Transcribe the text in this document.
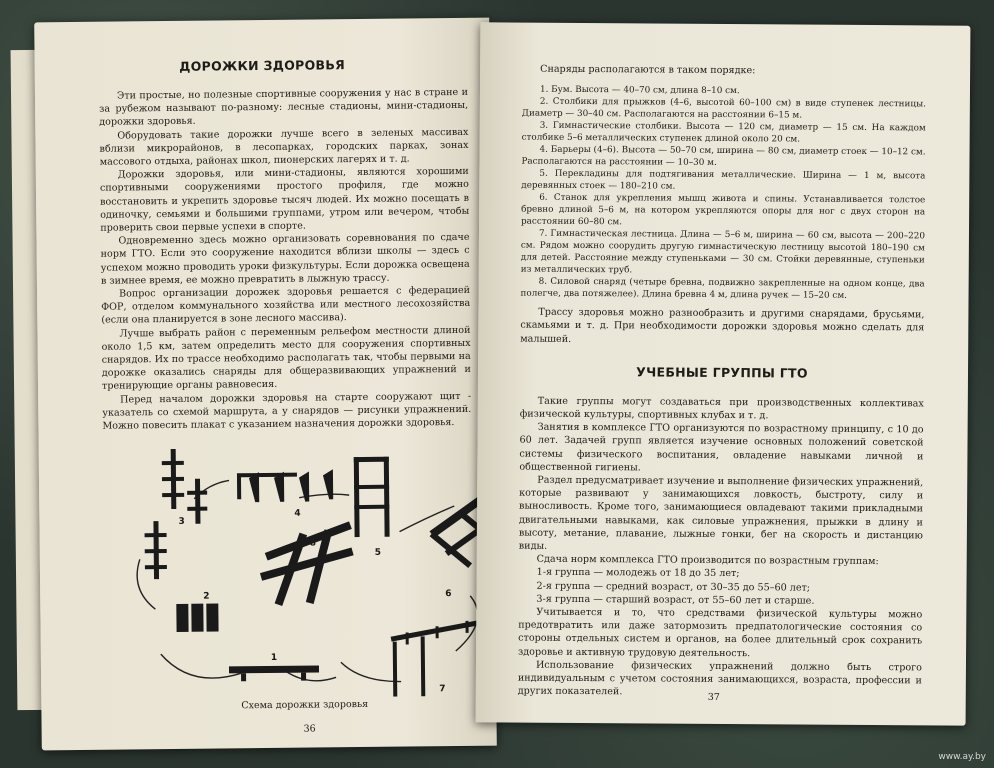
ДОРОЖКИ ЗДОРОВЬЯ

Эти простые, но полезные спортивные сооружения у нас в стране и за рубежом называют по-разному: лесные стадионы, мини-стадионы, дорожки здоровья.

Оборудовать такие дорожки лучше всего в зеленых массивах вблизи микрорайонов, в лесопарках, городских парках, зонах массового отдыха, районах школ, пионерских лагерях и т. д.

Дорожки здоровья, или мини-стадионы, являются хорошими спортивными сооружениями простого профиля, где можно восстановить и укрепить здоровье тысяч людей. Их можно посещать в одиночку, семьями и большими группами, утром или вечером, чтобы проверить свои первые успехи в спорте.

Одновременно здесь можно организовать соревнования по сдаче норм ГТО. Если это сооружение находится вблизи школы — здесь с успехом можно проводить уроки физкультуры. Если дорожка освещена в зимнее время, ее можно превратить в лыжную трассу.

Вопрос организации дорожек здоровья решается с федерацией ФОР, отделом коммунального хозяйства или местного лесохозяйства (если она планируется в зоне лесного массива).

Лучше выбрать район с переменным рельефом местности длиной около 1,5 км, затем определить место для сооружения спортивных снарядов. Их по трассе необходимо располагать так, чтобы первыми на дорожке оказались снаряды для общеразвивающих упражнений и тренирующие органы равновесия.

Перед началом дорожки здоровья на старте сооружают щит - указатель со схемой маршрута, а у снарядов — рисунки упражнений. Можно повесить плакат с указанием назначения дорожки здоровья.

1
2
3
4
5
6
7
8
Схема дорожки здоровья
36

Снаряды располагаются в таком порядке:

1. Бум. Высота — 40–70 см, длина 8–10 см.

2. Столбики для прыжков (4–6, высотой 60–100 см) в виде ступенек лестницы. Диаметр — 30–40 см. Располагаются на расстоянии 6–15 м.

3. Гимнастические столбики. Высота — 120 см, диаметр — 15 см. На каждом столбике 5–6 металлических ступенек длиной около 20 см.

4. Барьеры (4–6). Высота — 50–70 см, ширина — 80 см, диаметр стоек — 10–12 см. Располагаются на расстоянии — 10–30 м.

5. Перекладины для подтягивания металлические. Ширина — 1 м, высота деревянных стоек — 180–210 см.

6. Станок для укрепления мышц живота и спины. Устанавливается толстое бревно длиной 5–6 м, на котором укрепляются опоры для ног с двух сторон на расстоянии 60–80 см.

7. Гимнастическая лестница. Длина — 5–6 м, ширина — 60 см, высота — 200–220 см. Рядом можно соорудить другую гимнастическую лестницу высотой 180–190 см для детей. Расстояние между ступеньками — 30 см. Стойки деревянные, ступеньки из металлических труб.

8. Силовой снаряд (четыре бревна, подвижно закрепленные на одном конце, два полегче, два потяжелее). Длина бревна 4 м, длина ручек — 15–20 см.

Трассу здоровья можно разнообразить и другими снарядами, брусьями, скамьями и т. д. При необходимости дорожки здоровья можно сделать для малышей.

УЧЕБНЫЕ ГРУППЫ ГТО

Такие группы могут создаваться при производственных коллективах физической культуры, спортивных клубах и т. д.

Занятия в комплексе ГТО организуются по возрастному принципу, с 10 до 60 лет. Задачей групп является изучение основных положений советской системы физического воспитания, овладение навыками личной и общественной гигиены.

Раздел предусматривает изучение и выполнение физических упражнений, которые развивают у занимающихся ловкость, быстроту, силу и выносливость. Кроме того, занимающиеся овладевают такими прикладными двигательными навыками, как силовые упражнения, прыжки в длину и высоту, метание, плавание, лыжные гонки, бег на скорость и дистанцию виды.

Сдача норм комплекса ГТО производится по возрастным группам:

1-я группа — молодежь от 18 до 35 лет;

2-я группа — средний возраст, от 30–35 до 55–60 лет;

3-я группа — старший возраст, от 55–60 лет и старше.

Учитывается и то, что средствами физической культуры можно предотвратить или даже затормозить предпатологические состояния со стороны отдельных систем и органов, на более длительный срок сохранить здоровье и активную трудовую деятельность.

Использование физических упражнений должно быть строго индивидуальным с учетом состояния занимающихся, возраста, профессии и других показателей.	37
www.ay.by
